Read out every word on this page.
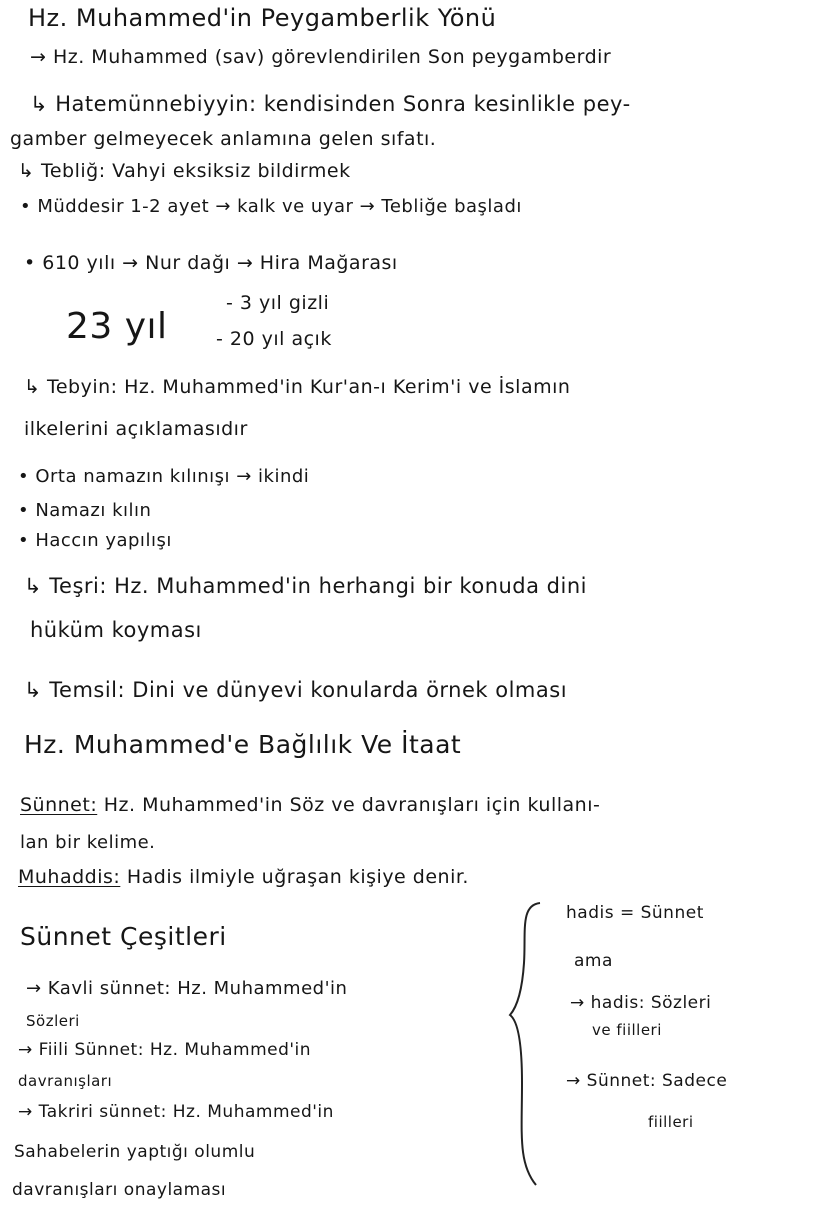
Hz. Muhammed'in Peygamberlik Yönü
→ Hz. Muhammed (sav) görevlendirilen Son peygamberdir
↳ Hatemünnebiyyin: kendisinden Sonra kesinlikle pey-
gamber gelmeyecek anlamına gelen sıfatı.
↳ Tebliğ: Vahyi eksiksiz bildirmek
• Müddesir 1-2 ayet → kalk ve uyar → Tebliğe başladı
• 610 yılı → Nur dağı → Hira Mağarası
23 yıl
- 3 yıl gizli
- 20 yıl açık
↳ Tebyin: Hz. Muhammed'in Kur'an-ı Kerim'i ve İslamın
ilkelerini açıklamasıdır
• Orta namazın kılınışı → ikindi
• Namazı kılın
• Haccın yapılışı
↳ Teşri: Hz. Muhammed'in herhangi bir konuda dini
hüküm koyması
↳ Temsil: Dini ve dünyevi konularda örnek olması
Hz. Muhammed'e Bağlılık Ve İtaat
Sünnet: Hz. Muhammed'in Söz ve davranışları için kullanı-
lan bir kelime.
Muhaddis: Hadis ilmiyle uğraşan kişiye denir.
Sünnet Çeşitleri
→ Kavli sünnet: Hz. Muhammed'in
Sözleri
→ Fiili Sünnet: Hz. Muhammed'in
davranışları
→ Takriri sünnet: Hz. Muhammed'in
Sahabelerin yaptığı olumlu
davranışları onaylaması
hadis = Sünnet
ama
→ hadis: Sözleri
ve fiilleri
→ Sünnet: Sadece
fiilleri
